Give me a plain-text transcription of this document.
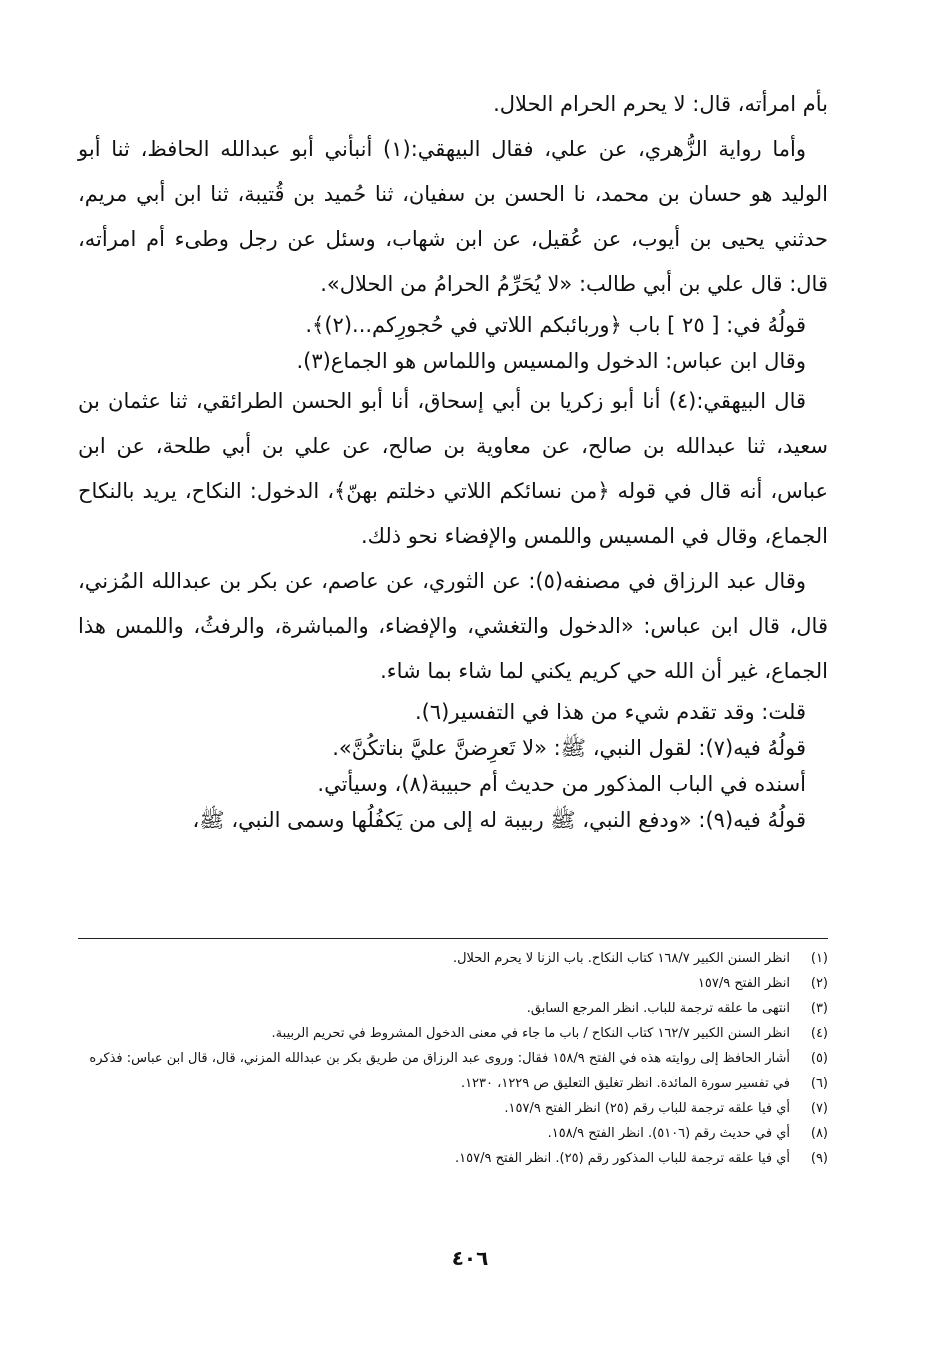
بأم امرأته، قال: لا يحرم الحرام الحلال.

وأما رواية الزُّهري، عن علي، فقال البيهقي:(١) أنبأني أبو عبدالله الحافظ، ثنا أبو الوليد هو حسان بن محمد، نا الحسن بن سفيان، ثنا حُميد بن قُتيبة، ثنا ابن أبي مريم، حدثني يحيى بن أيوب، عن عُقيل، عن ابن شهاب، وسئل عن رجل وطىء أم امرأته، قال: قال علي بن أبي طالب: «لا يُحَرِّمُ الحرامُ من الحلال».

قولُهُ في: [ ٢٥ ] باب ﴿وربائبكم اللاتي في حُجورِكم...(٢)﴾.

وقال ابن عباس: الدخول والمسيس واللماس هو الجماع(٣).

قال البيهقي:(٤) أنا أبو زكريا بن أبي إسحاق، أنا أبو الحسن الطرائقي، ثنا عثمان بن سعيد، ثنا عبدالله بن صالح، عن معاوية بن صالح، عن علي بن أبي طلحة، عن ابن عباس، أنه قال في قوله ﴿من نسائكم اللاتي دخلتم بهنّ﴾، الدخول: النكاح، يريد بالنكاح الجماع، وقال في المسيس واللمس والإفضاء نحو ذلك.

وقال عبد الرزاق في مصنفه(٥): عن الثوري، عن عاصم، عن بكر بن عبدالله المُزني، قال، قال ابن عباس: «الدخول والتغشي، والإفضاء، والمباشرة، والرفثُ، واللمس هذا الجماع، غير أن الله حي كريم يكني لما شاء بما شاء.

قلت: وقد تقدم شيء من هذا في التفسير(٦).

قولُهُ فيه(٧): لقول النبي، ﷺ: «لا تَعرِضنَّ عليَّ بناتكُنَّ».

أسنده في الباب المذكور من حديث أم حبيبة(٨)، وسيأتي.

قولُهُ فيه(٩): «ودفع النبي، ﷺ ربيبة له إلى من يَكفُلُها وسمى النبي، ﷺ،

(١)
انظر السنن الكبير ١٦٨/٧ كتاب النكاح. باب الزنا لا يحرم الحلال.
(٢)
انظر الفتح ١٥٧/٩
(٣)
انتهى ما علقه ترجمة للباب. انظر المرجع السابق.
(٤)
انظر السنن الكبير ١٦٢/٧ كتاب النكاح / باب ما جاء في معنى الدخول المشروط في تحريم الربيبة.
(٥)
أشار الحافظ إلى روايته هذه في الفتح ١٥٨/٩ فقال: وروى عبد الرزاق من طريق بكر بن عبدالله المزني، قال، قال ابن عباس: فذكره
(٦)
في تفسير سورة المائدة. انظر تغليق التعليق ص ١٢٢٩، ١٢٣٠.
(٧)
أي فيا علقه ترجمة للباب رقم (٢٥) انظر الفتح ١٥٧/٩.
(٨)
أي في حديث رقم (٥١٠٦). انظر الفتح ١٥٨/٩.
(٩)
أي فيا علقه ترجمة للباب المذكور رقم (٢٥). انظر الفتح ١٥٧/٩.
٤٠٦
